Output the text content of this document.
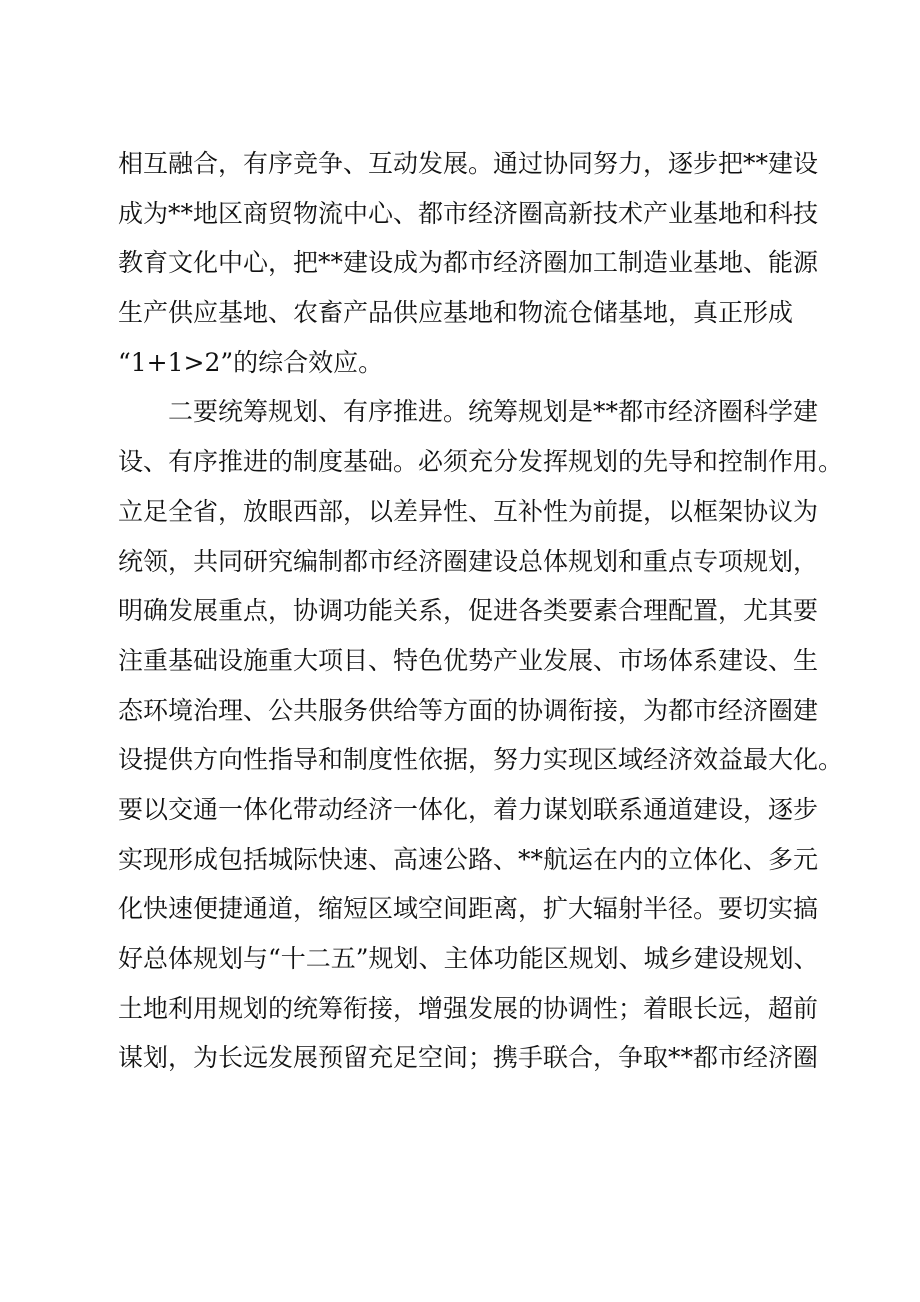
相互融合，有序竞争、互动发展。通过协同努力，逐步把**建设
成为**地区商贸物流中心、都市经济圈高新技术产业基地和科技
教育文化中心，把**建设成为都市经济圈加工制造业基地、能源
生产供应基地、农畜产品供应基地和物流仓储基地，真正形成
“1+1>2”的综合效应。
　　二要统筹规划、有序推进。统筹规划是**都市经济圈科学建
设、有序推进的制度基础。必须充分发挥规划的先导和控制作用。
立足全省，放眼西部，以差异性、互补性为前提，以框架协议为
统领，共同研究编制都市经济圈建设总体规划和重点专项规划，
明确发展重点，协调功能关系，促进各类要素合理配置，尤其要
注重基础设施重大项目、特色优势产业发展、市场体系建设、生
态环境治理、公共服务供给等方面的协调衔接，为都市经济圈建
设提供方向性指导和制度性依据，努力实现区域经济效益最大化。
要以交通一体化带动经济一体化，着力谋划联系通道建设，逐步
实现形成包括城际快速、高速公路、**航运在内的立体化、多元
化快速便捷通道，缩短区域空间距离，扩大辐射半径。要切实搞
好总体规划与“十二五”规划、主体功能区规划、城乡建设规划、
土地利用规划的统筹衔接，增强发展的协调性；着眼长远，超前
谋划，为长远发展预留充足空间；携手联合，争取**都市经济圈
